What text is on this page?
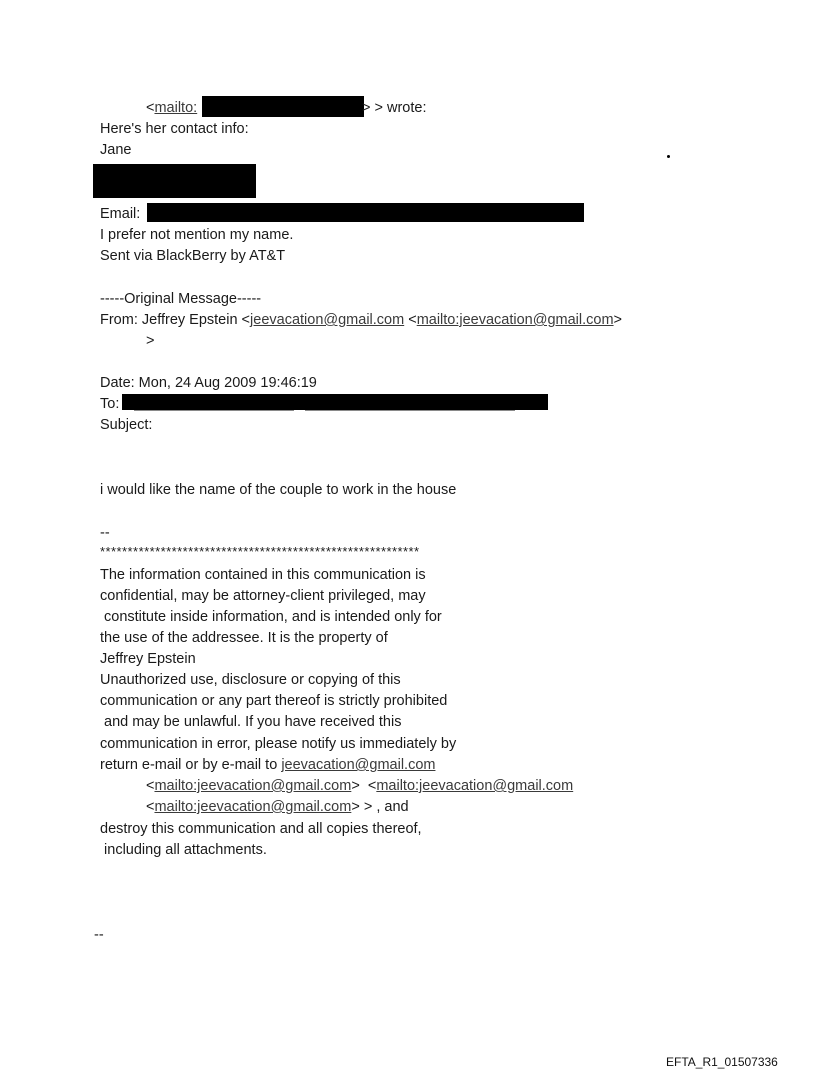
<mailto:	> > wrote:
Here's her contact info:
Jane
Email:
I prefer not mention my name.
Sent via BlackBerry by AT&T
-----Original Message-----
From: Jeffrey Epstein <jeevacation@gmail.com <mailto:jeevacation@gmail.com>
>
Date: Mon, 24 Aug 2009 19:46:19
To:
Subject:
i would like the name of the couple to work in the house
--
**********************************************************
The information contained in this communication is
confidential, may be attorney-client privileged, may
constitute inside information, and is intended only for
the use of the addressee. It is the property of
Jeffrey Epstein
Unauthorized use, disclosure or copying of this
communication or any part thereof is strictly prohibited
and may be unlawful. If you have received this
communication in error, please notify us immediately by
return e-mail or by e-mail to jeevacation@gmail.com
<mailto:jeevacation@gmail.com>  <mailto:jeevacation@gmail.com
<mailto:jeevacation@gmail.com> > , and
destroy this communication and all copies thereof,
including all attachments.
--
EFTA_R1_01507336
